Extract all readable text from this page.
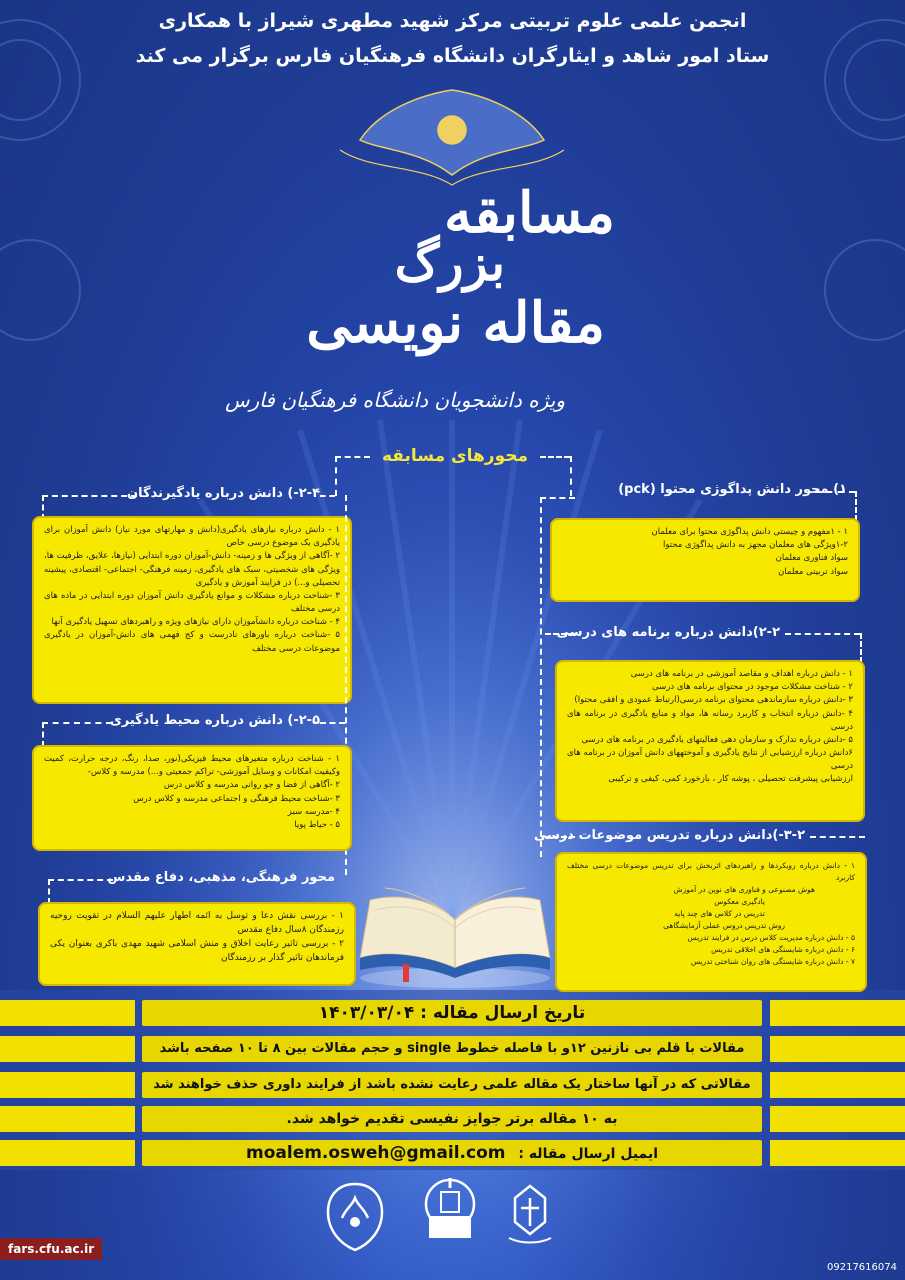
انجمن علمی علوم تربیتی مرکز شهید مطهری شیراز با همکاری
ستاد امور شاهد و ایثارگران دانشگاه فرهنگیان فارس برگزار می کند
مسابقه
بزرگ
مقاله نویسی
ویژه دانشجویان دانشگاه فرهنگیان فارس
محورهای مسابقه
۱) محور دانش پداگوژی محتوا (pck)
۱ - ۱مفهوم و چیستی دانش پداگوژی محتوا برای معلمان
۱-۲ویژگی های معلمان مجهز به دانش پداگوژی محتوا
سواد فناوری معلمان
سواد تربیتی معلمان
۲-۲)دانش درباره برنامه های درسی
۱ - دانش درباره اهداف و مقاصد آموزشی در برنامه های درسی
۲ - شناخت مشکلات موجود در محتوای برنامه های درسی
۳ -دانش درباره سازماندهی محتوای برنامه درسی(ارتباط عمودی و افقی محتوا)
۴ -دانش درباره انتخاب و کاربرد رسانه ها، مواد و منابع یادگیری در برنامه های درسی
۵ -دانش درباره تدارک و سازمان دهی فعالیتهای یادگیری در برنامه های درسی
۶دانش درباره ارزشیابی از نتایج یادگیری و آموختههای دانش آموزان در برنامه های درسی
ارزشیابی پیشرفت تحصیلی ، پوشه کار ، بازخورد کمی، کیفی و ترکیبی
۳-۲-)دانش درباره تدریس موضوعات درسی
۱ - دانش درباره رویکردها و راهبردهای اثربخش برای تدریس موضوعات درسی مختلف کاربرد
هوش مصنوعی و فناوری های نوین در آموزش
یادگیری معکوس
تدریس در کلاس های چند پایه
روش تدریس دروس عملی آزمایشگاهی
۵ - دانش درباره مدیریت کلاس درس در فرایند تدریس
۶ - دانش درباره شایستگی های اخلاقی تدریس
۷ - دانش درباره شایستگی های روان شناختی تدریس
۲-۴-) دانش درباره یادگیرندگان
۱ - دانش درباره نیازهای یادگیری(دانش و مهارتهای مورد نیاز) دانش آموزان برای یادگیری یک موضوع درسی خاص
۲ -آگاهی از ویژگی ها و زمینه- دانش-آموزان دوره ابتدایی (نیازها، علایق، ظرفیت ها، ویژگی های شخصیتی، سبک های یادگیری، زمینه فرهنگی- اجتماعی- اقتصادی، پیشینه تحصیلی و...) در فرایند آموزش و یادگیری
۳ -شناخت درباره مشکلات و موانع یادگیری دانش آموزان دوره ابتدایی در ماده های درسی مختلف
۴ - شناخت درباره دانشآموزان دارای نیازهای ویژه و راهبردهای تسهیل یادگیری آنها
۵ -شناخت درباره باورهای نادرست و کج فهمی های دانش-آموزان در یادگیری موضوعات درسی مختلف
۲-۵-) دانش درباره محیط یادگیری
۱ - شناخت درباره متغیرهای محیط فیزیکی(نور، صدا، رنگ، درجه حرارت، کمیت وکیفیت امکانات و وسایل آموزشی- تراکم جمعیتی و...) مدرسه و کلاس-
۲ -آگاهی از فضا و جو روانی مدرسه و کلاس درس
۳ -شناخت محیط فرهنگی و اجتماعی مدرسه و کلاس درس
۴ -مدرسه سبز
۵ - حیاط پویا
محور فرهنگی، مذهبی، دفاع مقدس
۱ - بررسی نقش دعا و توسل به ائمه اطهار علیهم السلام در تقویت روحیه رزمندگان ۸سال دفاع مقدس
۲ - بررسی تاثیر رعایت اخلاق و منش اسلامی شهید مهدی باکری بعنوان یکی فرماندهان تاثیر گذار بر رزمندگان
تاریخ ارسال مقاله : ۱۴۰۳/۰۳/۰۴
مقالات با قلم بی نازنین ۱۲و با فاصله خطوط single و حجم مقالات بین ۸ تا ۱۰ صفحه باشد
مقالاتی که در آنها ساختار یک مقاله علمی رعایت نشده باشد از فرایند داوری حذف خواهند شد
به ۱۰ مقاله برتر جوایز نفیسی تقدیم خواهد شد.
ایمیل ارسال مقاله : moalem.osweh@gmail.com
fars.cfu.ac.ir
09217616074
